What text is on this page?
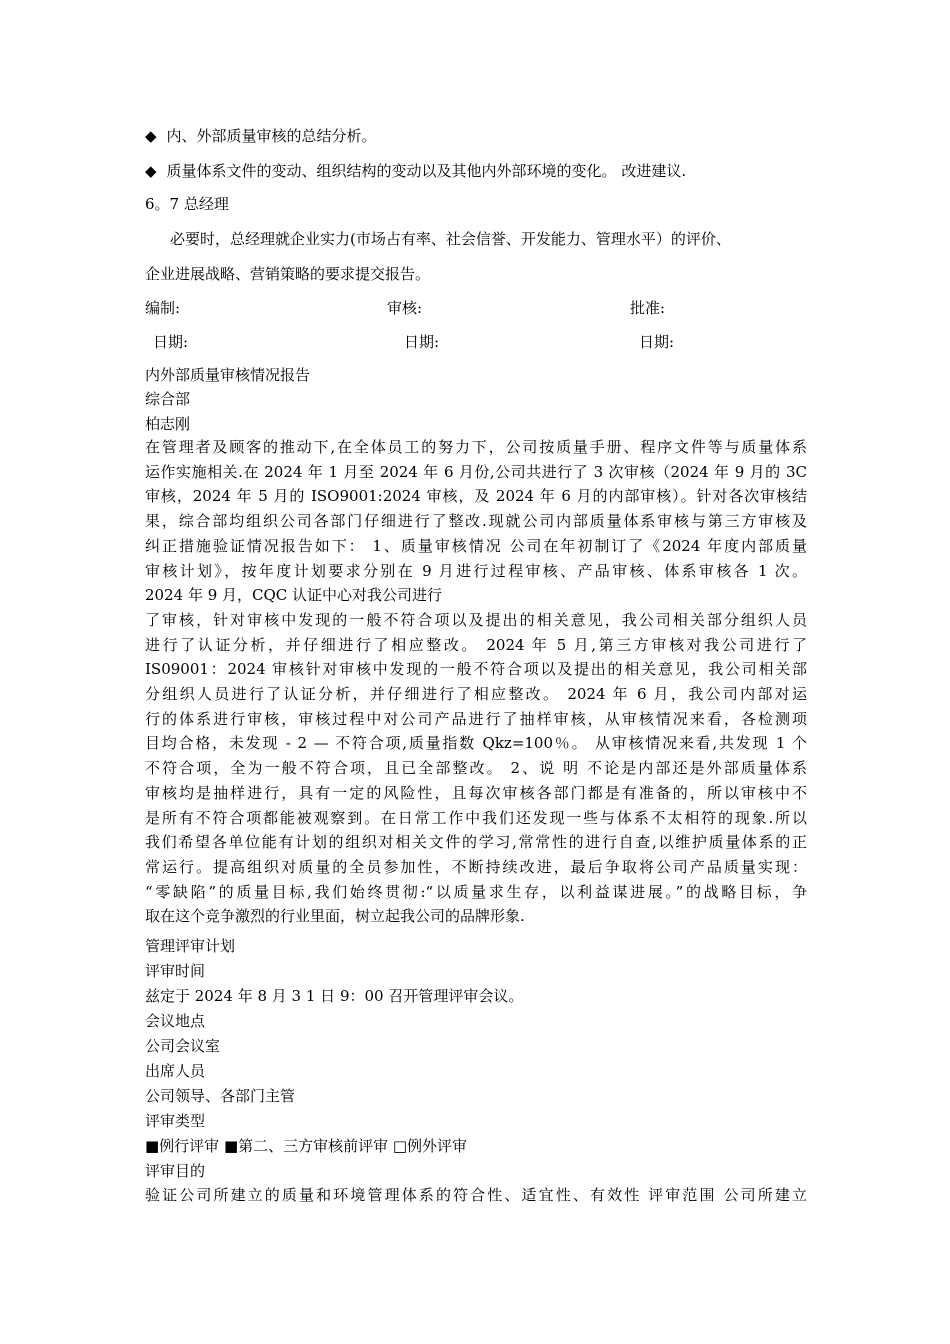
◆ 内、外部质量审核的总结分析。
◆ 质量体系文件的变动、组织结构的变动以及其他内外部环境的变化。 改进建议.
6。7 总经理
必要时，总经理就企业实力(市场占有率、社会信誉、开发能力、管理水平）的评价、
企业进展战略、营销策略的要求提交报告。
编制:	审核:	批准:
日期:	日期:	日期:
内外部质量审核情况报告
综合部
柏志刚
在管理者及顾客的推动下,在全体员工的努力下，公司按质量手册、程序文件等与质量体系
运作实施相关.在 2024 年 1 月至 2024 年 6 月份,公司共进行了 3 次审核（2024 年 9 月的 3C
审核，2024 年 5 月的 ISO9001:2024 审核，及 2024 年 6 月的内部审核）。针对各次审核结
果，综合部均组织公司各部门仔细进行了整改.现就公司内部质量体系审核与第三方审核及
纠正措施验证情况报告如下： 1、质量审核情况 公司在年初制订了《2024 年度内部质量
审核计划》，按年度计划要求分别在 9 月进行过程审核、产品审核、体系审核各 1 次。
2024 年 9 月，CQC 认证中心对我公司进行
了审核，针对审核中发现的一般不符合项以及提出的相关意见，我公司相关部分组织人员
进行了认证分析，并仔细进行了相应整改。 2024 年 5 月,第三方审核对我公司进行了
IS09001：2024 审核针对审核中发现的一般不符合项以及提出的相关意见，我公司相关部
分组织人员进行了认证分析，并仔细进行了相应整改。 2024 年 6 月，我公司内部对运
行的体系进行审核，审核过程中对公司产品进行了抽样审核，从审核情况来看，各检测项
目均合格，未发现 - 2 — 不符合项,质量指数 Qkz=100％。 从审核情况来看,共发现 1 个
不符合项，全为一般不符合项，且已全部整改。 2、说 明 不论是内部还是外部质量体系
审核均是抽样进行，具有一定的风险性，且每次审核各部门都是有准备的，所以审核中不
是所有不符合项都能被观察到。在日常工作中我们还发现一些与体系不太相符的现象.所以
我们希望各单位能有计划的组织对相关文件的学习,常常性的进行自查,以维护质量体系的正
常运行。提高组织对质量的全员参加性，不断持续改进，最后争取将公司产品质量实现：
“零缺陷”的质量目标,我们始终贯彻:“以质量求生存，以利益谋进展。”的战略目标，争
取在这个竞争激烈的行业里面，树立起我公司的品牌形象.
管理评审计划
评审时间
兹定于 2024 年 8 月 3 1 日 9：00 召开管理评审会议。
会议地点
公司会议室
出席人员
公司领导、各部门主管
评审类型
■例行评审 ■第二、三方审核前评审 □例外评审
评审目的
验证公司所建立的质量和环境管理体系的符合性、适宜性、有效性 评审范围 公司所建立
